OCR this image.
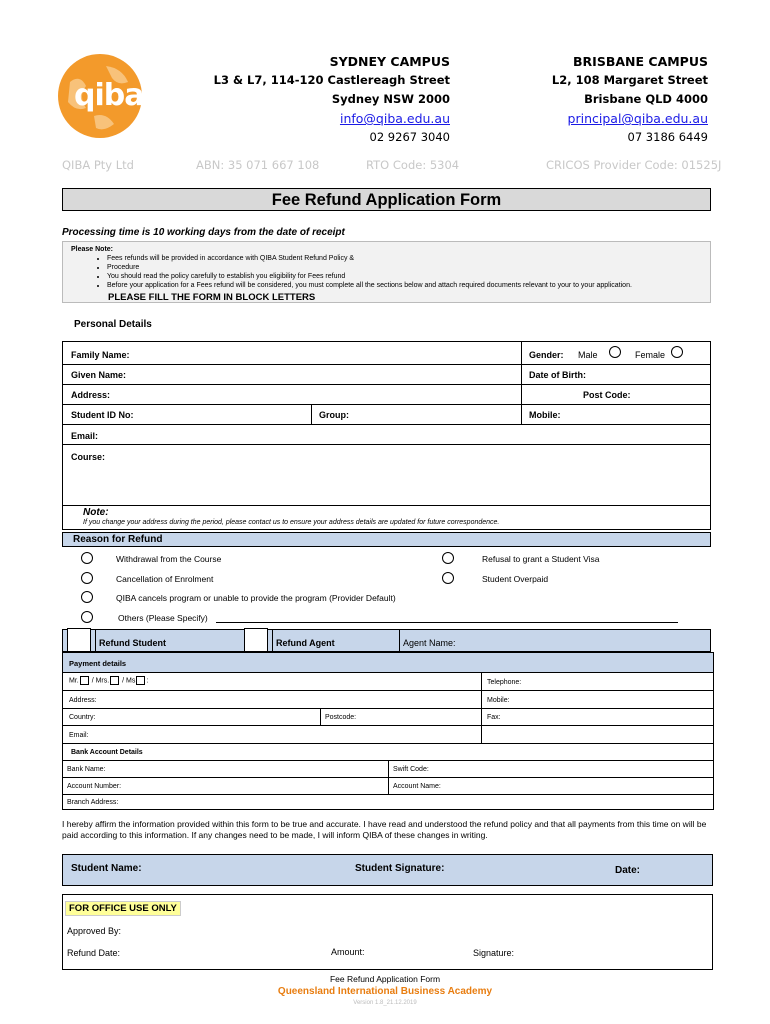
qiba_
SYDNEY CAMPUS
L3 & L7, 114-120 Castlereagh Street
Sydney NSW 2000
info@qiba.edu.au
02 9267 3040
BRISBANE CAMPUS
L2, 108 Margaret Street
Brisbane QLD 4000
principal@qiba.edu.au
07 3186 6449
QIBA Pty Ltd	ABN: 35 071 667 108	RTO Code: 5304	CRICOS Provider Code: 01525J
Fee Refund Application Form
Processing time is 10 working days from the date of receipt
Please Note:
• Fees refunds will be provided in accordance with QIBA Student Refund Policy &
• Procedure
• You should read the policy carefully to establish you eligibility for Fees refund
• Before your application for a Fees refund will be considered, you must complete all the sections below and attach required documents relevant to your to your application.
PLEASE FILL THE FORM IN BLOCK LETTERS
Personal Details
Family Name:	Gender: Male	Female
Given Name:	Date of Birth:
Address:	Post Code:
Student ID No:	Group:	Mobile:
Email:
Course:
Note:
If you change your address during the period, please contact us to ensure your address details are updated for future correspondence.
Reason for Refund
Withdrawal from the Course	Refusal to grant a Student Visa
Cancellation of Enrolment	Student Overpaid
QIBA cancels program or unable to provide the program (Provider Default)
Others (Please Specify)
Refund Student	Refund Agent	Agent Name:
Payment details
Mr. / Mrs. / Ms :	Telephone:
Address:	Mobile:
Country:	Postcode:	Fax:
Email:
Bank Account Details
Bank Name:	Swift Code:
Account Number:	Account Name:
Branch Address:
I hereby affirm the information provided within this form to be true and accurate. I have read and understood the refund policy and that all payments from this time on will be paid according to this information. If any changes need to be made, I will inform QIBA of these changes in writing.
Student Name:	Student Signature:	Date:
FOR OFFICE USE ONLY
Approved By:
Refund Date:	Amount:	Signature:
Fee Refund Application Form
Queensland International Business Academy
Version 1.8_21.12.2019
